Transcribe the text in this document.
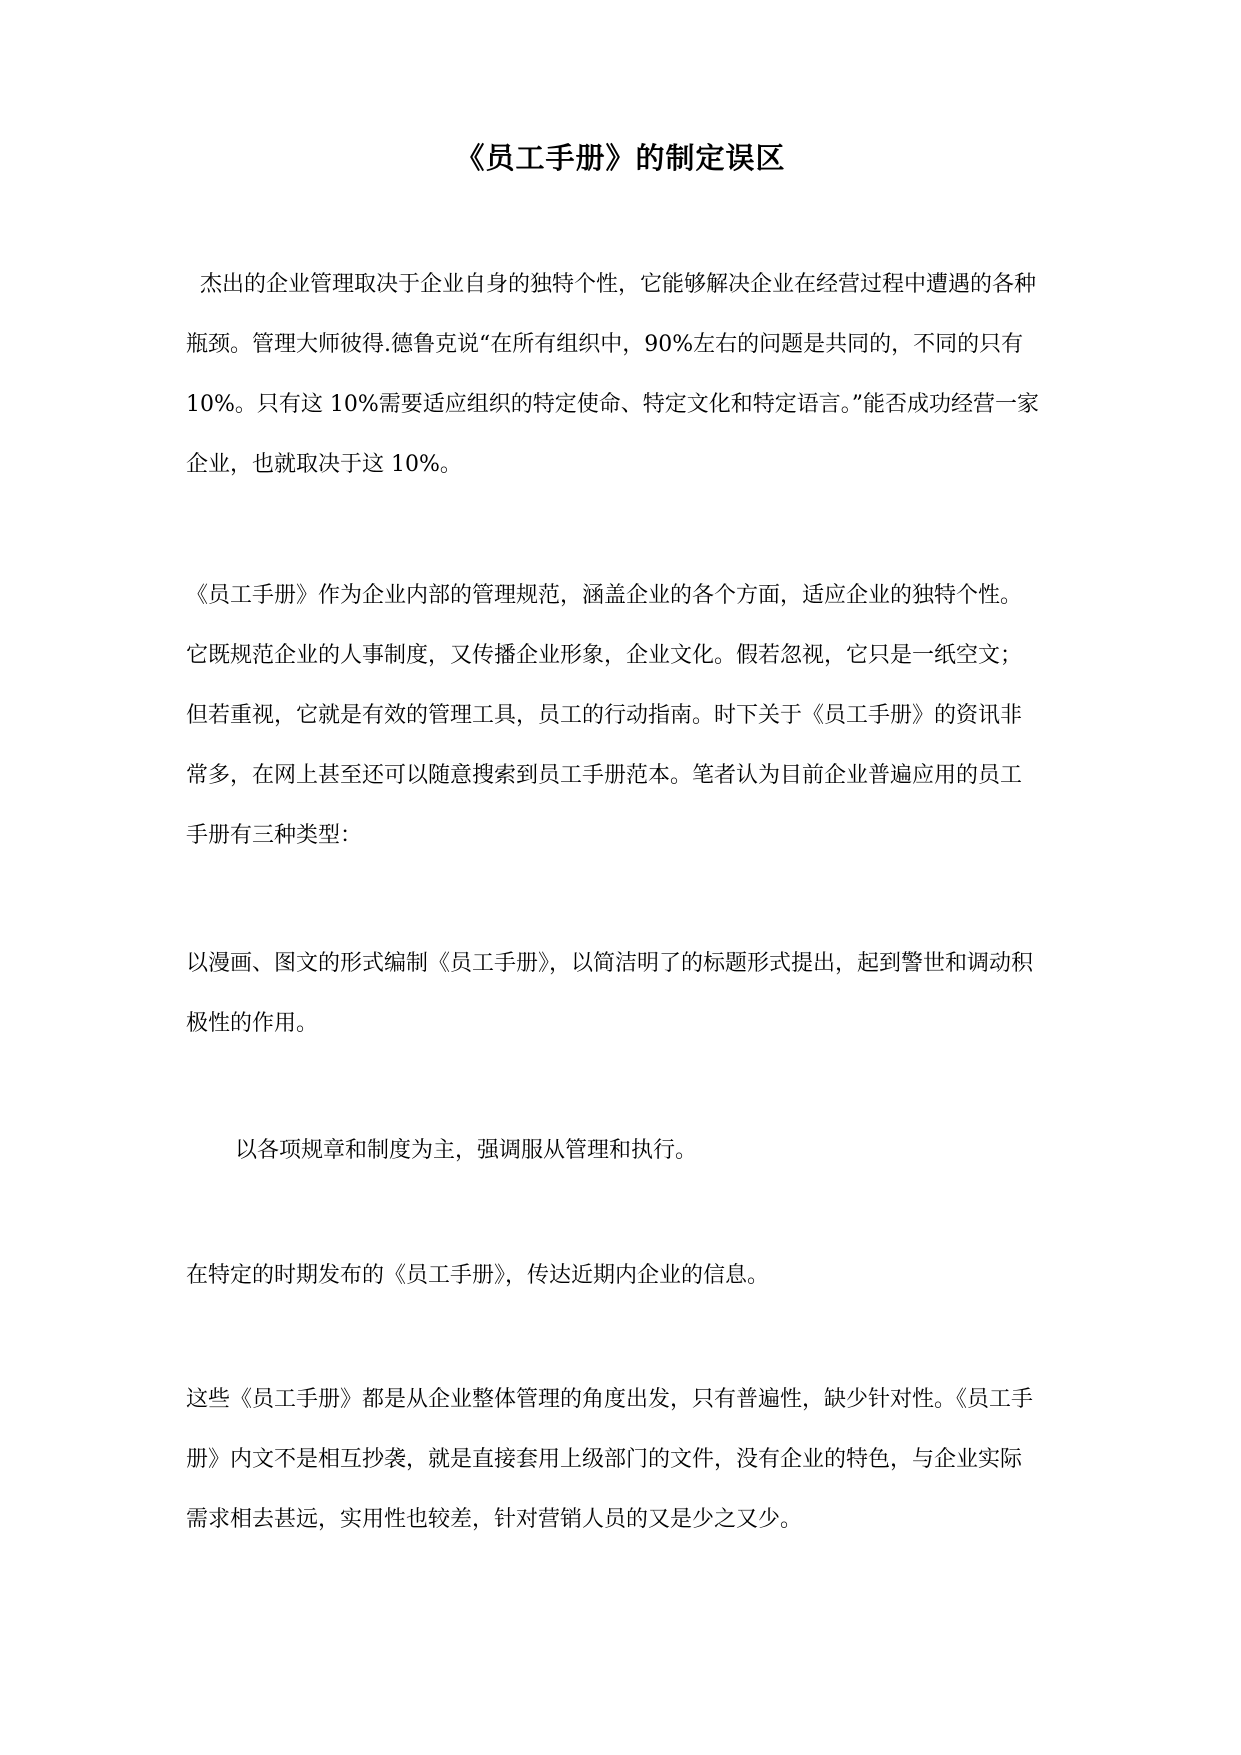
《员工手册》的制定误区
杰出的企业管理取决于企业自身的独特个性，它能够解决企业在经营过程中遭遇的各种
瓶颈。管理大师彼得.德鲁克说“在所有组织中，90%左右的问题是共同的，不同的只有
10%。只有这 10%需要适应组织的特定使命、特定文化和特定语言。”能否成功经营一家
企业，也就取决于这 10%。
《员工手册》作为企业内部的管理规范，涵盖企业的各个方面，适应企业的独特个性。
它既规范企业的人事制度，又传播企业形象，企业文化。假若忽视，它只是一纸空文；
但若重视，它就是有效的管理工具，员工的行动指南。时下关于《员工手册》的资讯非
常多，在网上甚至还可以随意搜索到员工手册范本。笔者认为目前企业普遍应用的员工
手册有三种类型：
以漫画、图文的形式编制《员工手册》，以简洁明了的标题形式提出，起到警世和调动积
极性的作用。
以各项规章和制度为主，强调服从管理和执行。
在特定的时期发布的《员工手册》，传达近期内企业的信息。
这些《员工手册》都是从企业整体管理的角度出发，只有普遍性，缺少针对性。《员工手
册》内文不是相互抄袭，就是直接套用上级部门的文件，没有企业的特色，与企业实际
需求相去甚远，实用性也较差，针对营销人员的又是少之又少。
